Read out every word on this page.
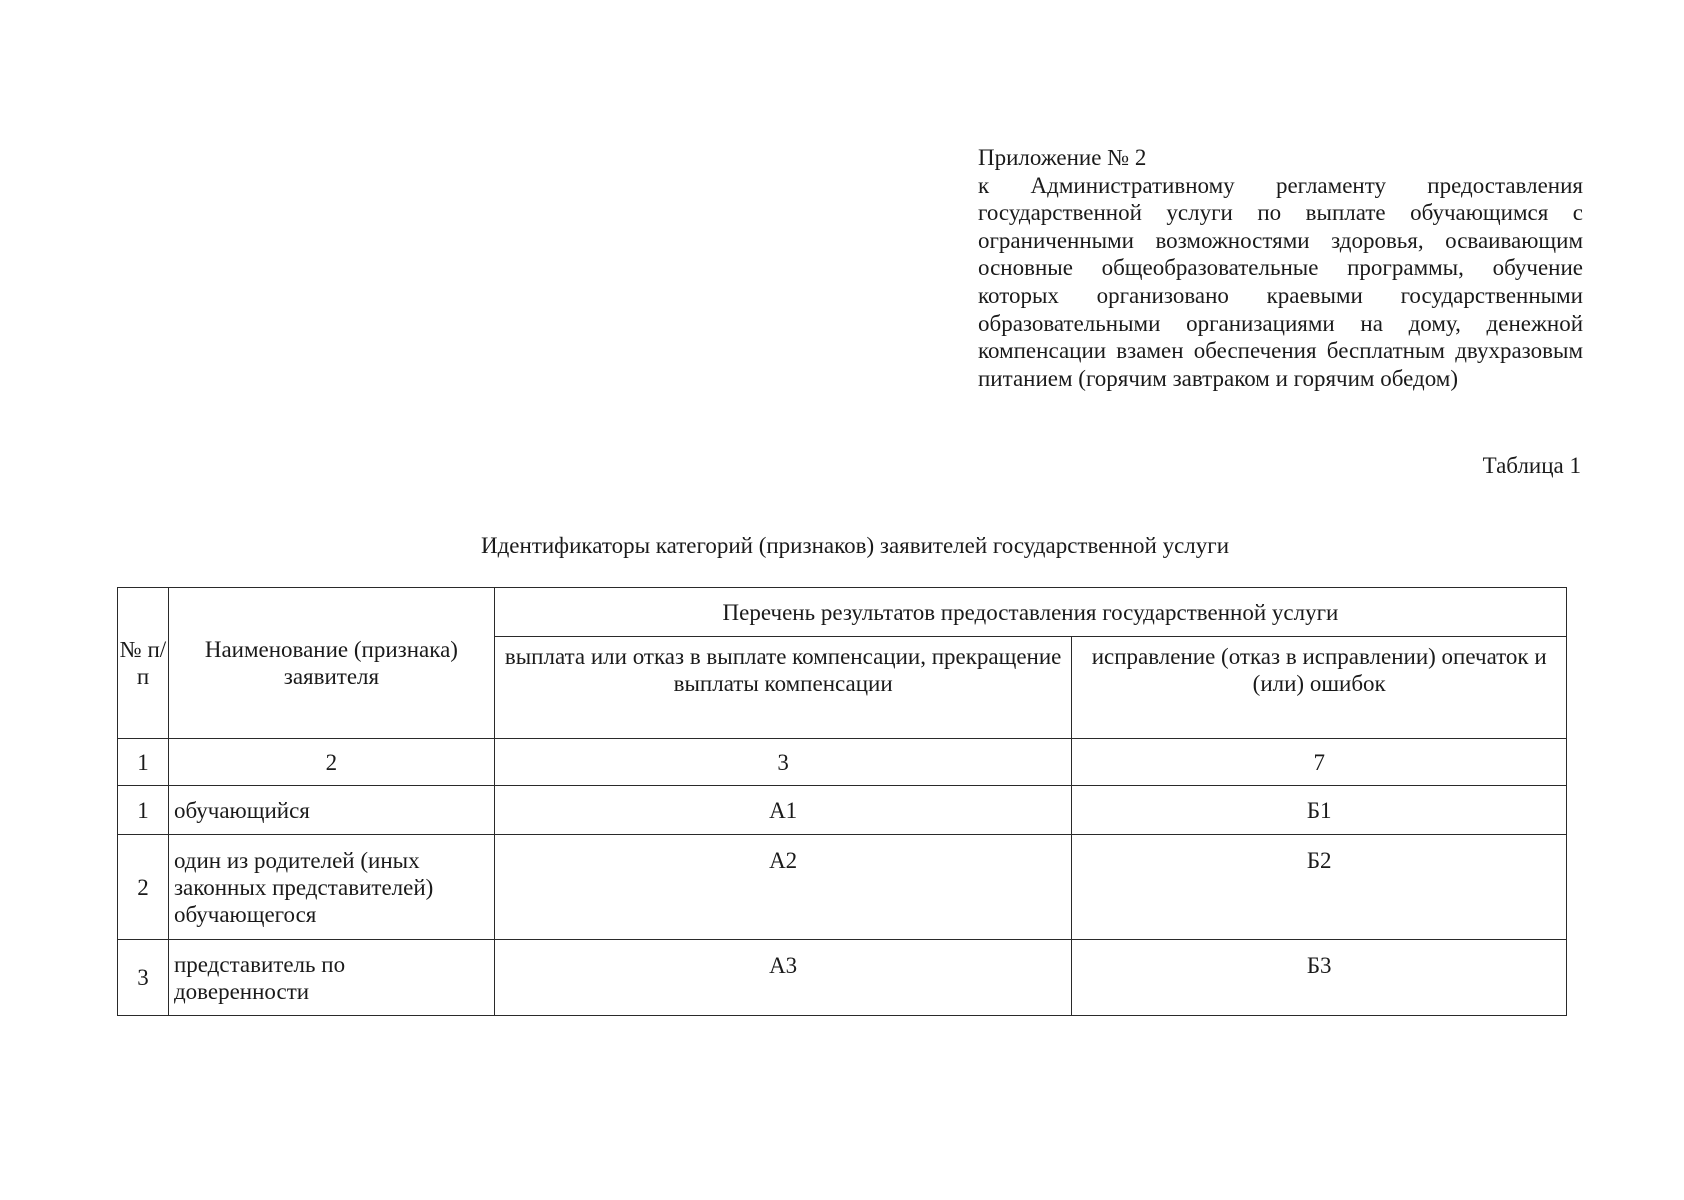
Приложение № 2
к Административному регламенту предоставления государственной услуги по выплате обучающимся с ограниченными возможностями здоровья, осваивающим основные общеобразовательные программы, обучение которых организовано краевыми государственными образовательными организациями на дому, денежной компенсации взамен обеспечения бесплатным двухразовым питанием (горячим завтраком и горячим обедом)
Таблица 1
Идентификаторы категорий (признаков) заявителей государственной услуги
№ п/п	Наименование (признака) заявителя	Перечень результатов предоставления государственной услуги	
		выплата или отказ в выплате компенсации, прекращение выплаты компенсации	исправление (отказ в исправлении) опечаток и (или) ошибок
1	2	3	7
1	обучающийся	А1	Б1
2	один из родителей (иных законных представителей) обучающегося	А2	Б2
3	представитель по доверенности	А3	Б3
